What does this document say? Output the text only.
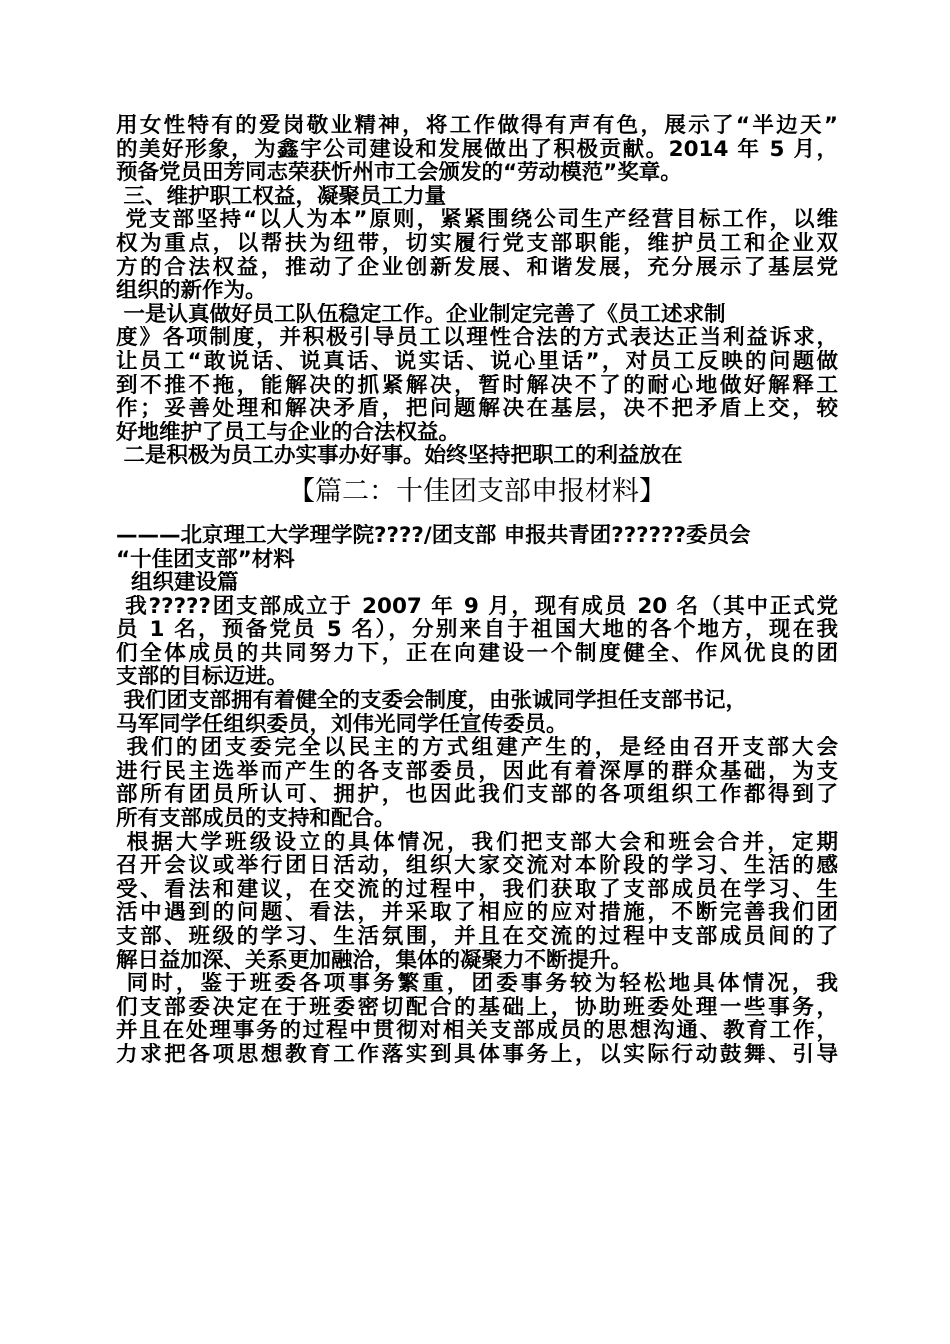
用女性特有的爱岗敬业精神，将工作做得有声有色，展示了“半边天”
的美好形象，为鑫宇公司建设和发展做出了积极贡献。2014 年 5 月，
预备党员田芳同志荣获忻州市工会颁发的“劳动模范”奖章。
三、维护职工权益，凝聚员工力量
党支部坚持“以人为本”原则，紧紧围绕公司生产经营目标工作，以维
权为重点，以帮扶为纽带，切实履行党支部职能，维护员工和企业双
方的合法权益，推动了企业创新发展、和谐发展，充分展示了基层党
组织的新作为。
一是认真做好员工队伍稳定工作。企业制定完善了《员工述求制
度》各项制度，并积极引导员工以理性合法的方式表达正当利益诉求，
让员工“敢说话、说真话、说实话、说心里话”，对员工反映的问题做
到不推不拖，能解决的抓紧解决，暂时解决不了的耐心地做好解释工
作；妥善处理和解决矛盾，把问题解决在基层，决不把矛盾上交，较
好地维护了员工与企业的合法权益。
二是积极为员工办实事办好事。始终坚持把职工的利益放在
【篇二：十佳团支部申报材料】
———北京理工大学理学院????/团支部 申报共青团??????委员会
“十佳团支部”材料
组织建设篇
我?????团支部成立于 2007 年 9 月，现有成员 20 名（其中正式党
员 1 名，预备党员 5 名），分别来自于祖国大地的各个地方，现在我
们全体成员的共同努力下，正在向建设一个制度健全、作风优良的团
支部的目标迈进。
我们团支部拥有着健全的支委会制度，由张诚同学担任支部书记，
马军同学任组织委员，刘伟光同学任宣传委员。
我们的团支委完全以民主的方式组建产生的，是经由召开支部大会
进行民主选举而产生的各支部委员，因此有着深厚的群众基础，为支
部所有团员所认可、拥护，也因此我们支部的各项组织工作都得到了
所有支部成员的支持和配合。
根据大学班级设立的具体情况，我们把支部大会和班会合并，定期
召开会议或举行团日活动，组织大家交流对本阶段的学习、生活的感
受、看法和建议，在交流的过程中，我们获取了支部成员在学习、生
活中遇到的问题、看法，并采取了相应的应对措施，不断完善我们团
支部、班级的学习、生活氛围，并且在交流的过程中支部成员间的了
解日益加深、关系更加融洽，集体的凝聚力不断提升。
同时，鉴于班委各项事务繁重，团委事务较为轻松地具体情况，我
们支部委决定在于班委密切配合的基础上，协助班委处理一些事务，
并且在处理事务的过程中贯彻对相关支部成员的思想沟通、教育工作，
力求把各项思想教育工作落实到具体事务上，以实际行动鼓舞、引导
